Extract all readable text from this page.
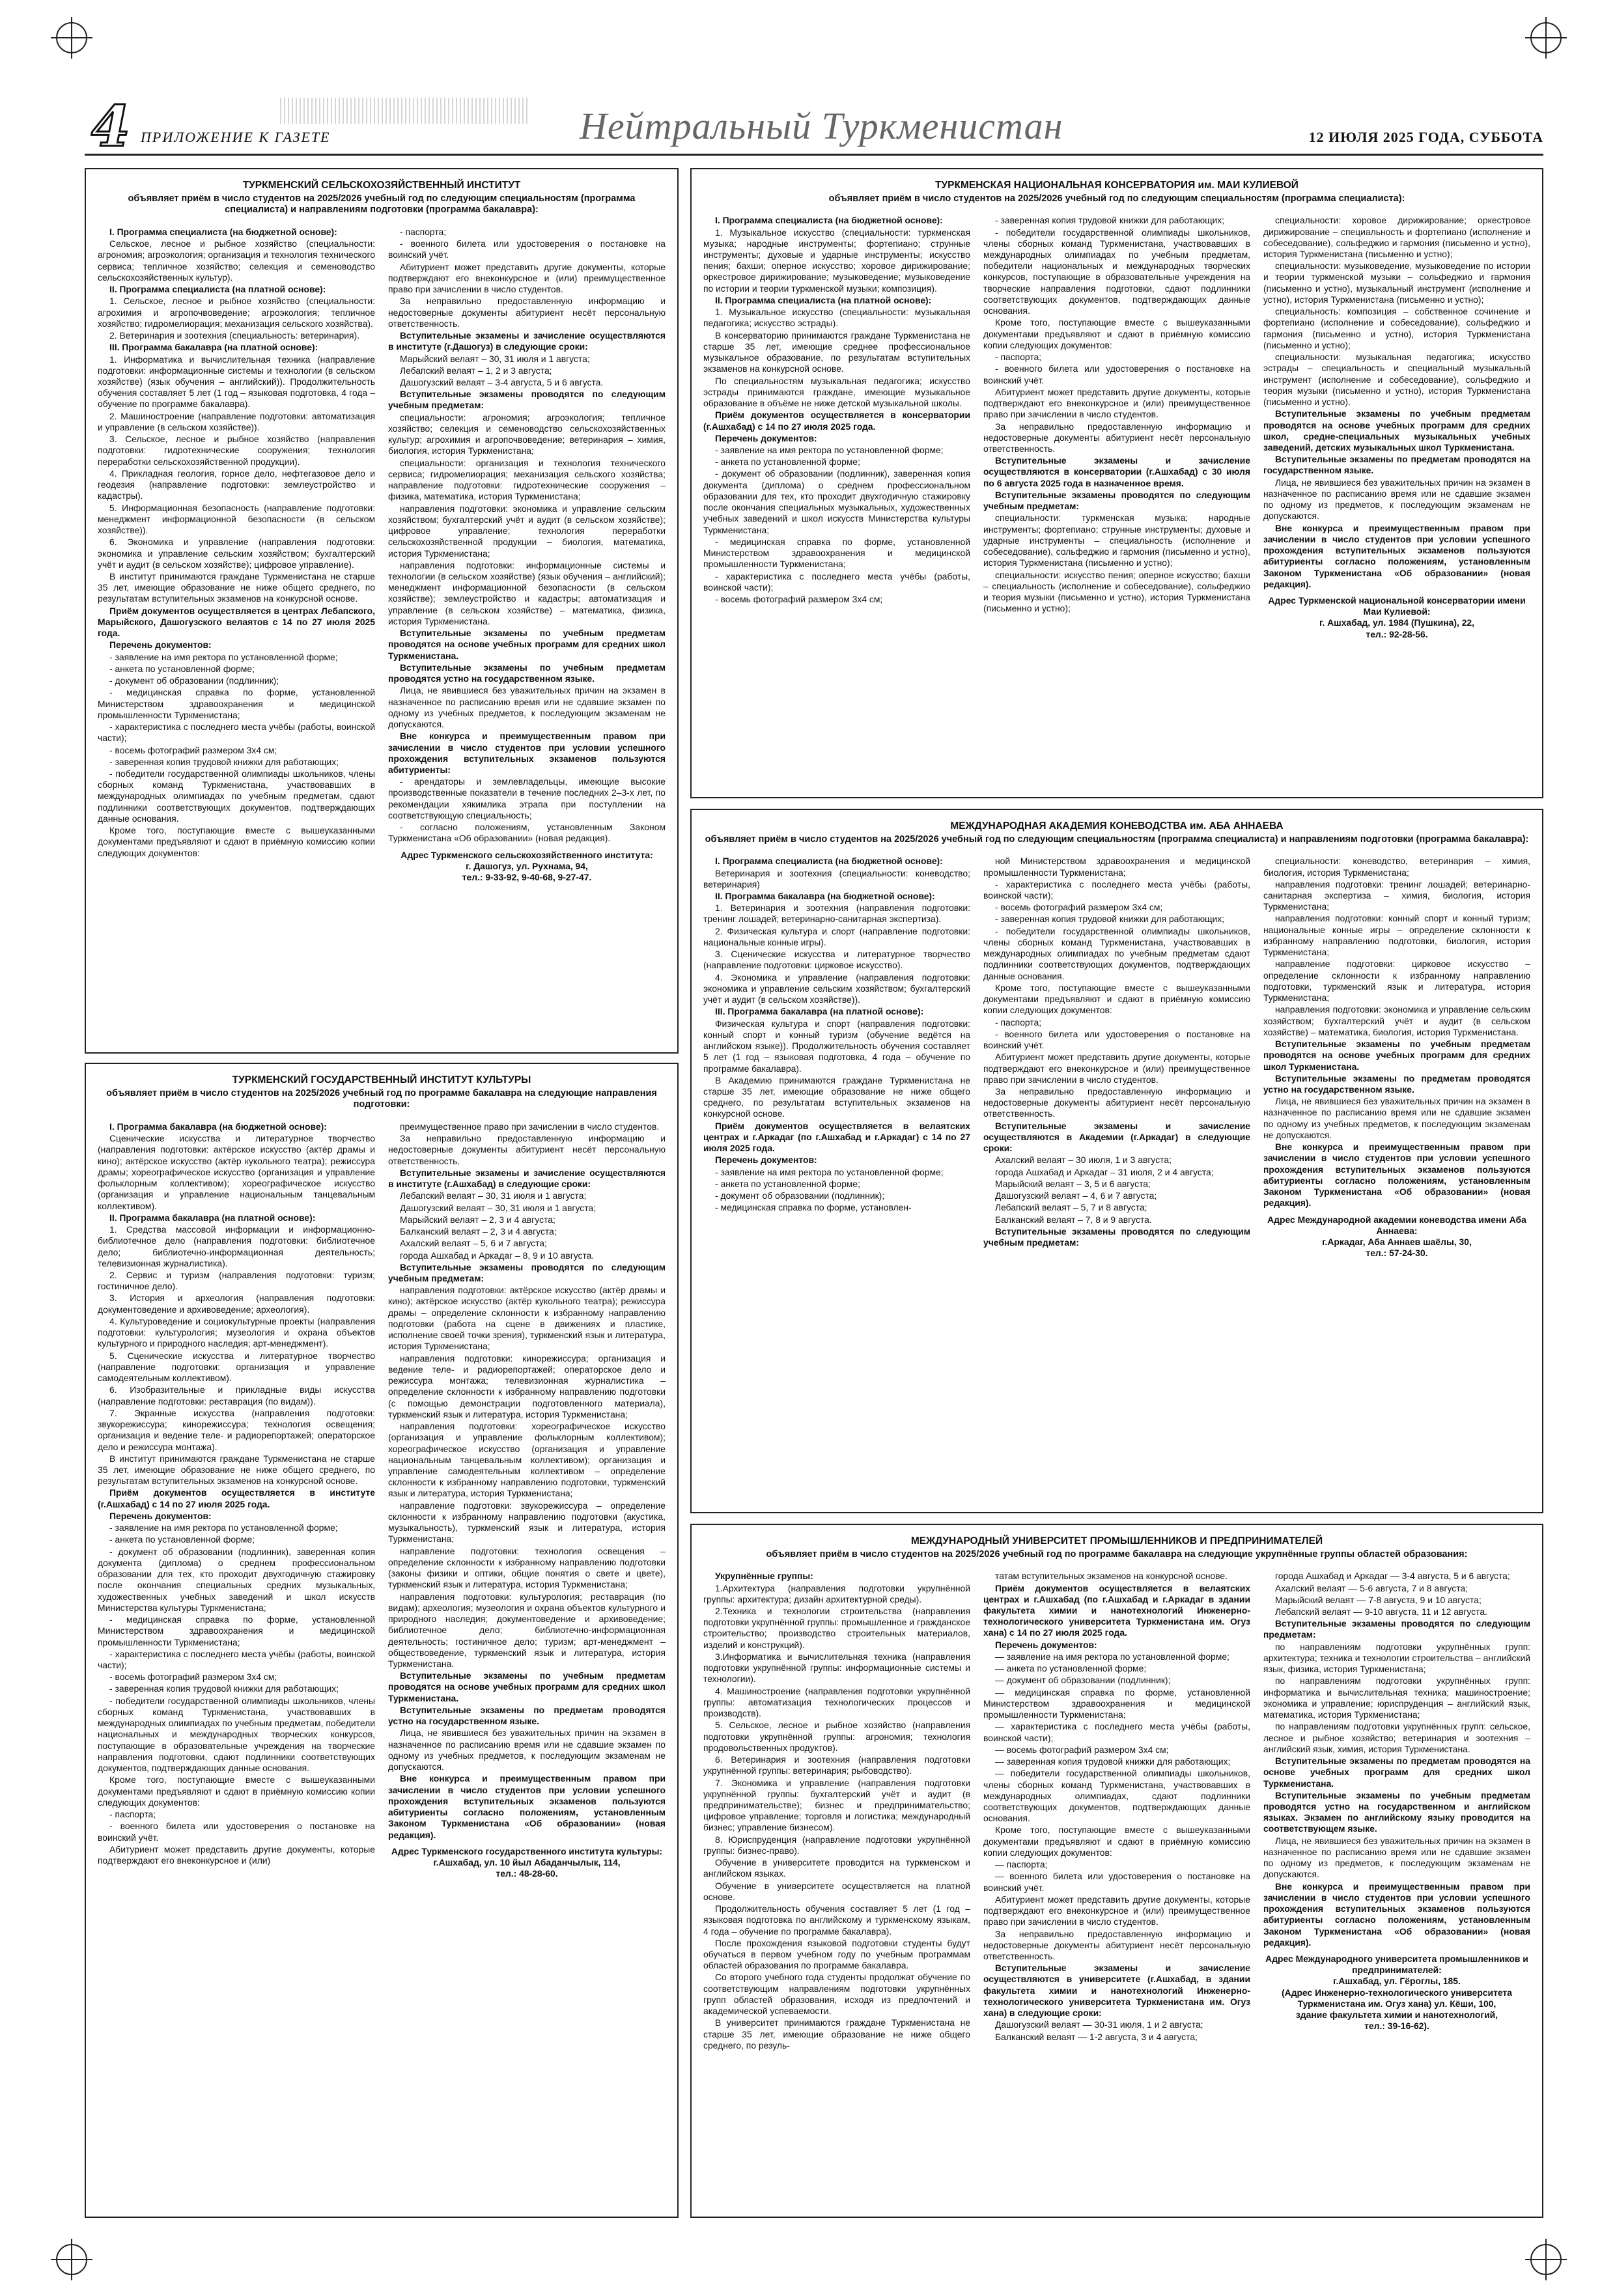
4 ПРИЛОЖЕНИЕ К ГАЗЕТЕ	Нейтральный Туркменистан	12 ИЮЛЯ 2025 ГОДА, СУББОТА
ТУРКМЕНСКИЙ СЕЛЬСКОХОЗЯЙСТВЕННЫЙ ИНСТИТУТ
объявляет приём в число студентов на 2025/2026 учебный год по следующим специальностям (программа специалиста) и направлениям подготовки (программа бакалавра):

I. Программа специалиста (на бюджетной основе):

Сельское, лесное и рыбное хозяйство (специальности: агрономия; агроэкология; организация и технология технического сервиса; тепличное хозяйство; селекция и семеноводство сельскохозяйственных культур).

II. Программа специалиста (на платной основе):

1. Сельское, лесное и рыбное хозяйство (специальности: агрохимия и агропочвоведение; агроэкология; тепличное хозяйство; гидромелиорация; механизация сельского хозяйства).

2. Ветеринария и зоотехния (специальность: ветеринария).

III. Программа бакалавра (на платной основе):

1. Информатика и вычислительная техника (направление подготовки: информационные системы и технологии (в сельском хозяйстве) (язык обучения – английский)). Продолжительность обучения составляет 5 лет (1 год – языковая подготовка, 4 года – обучение по программе бакалавра).

2. Машиностроение (направление подготовки: автоматизация и управление (в сельском хозяйстве)).

3. Сельское, лесное и рыбное хозяйство (направления подготовки: гидротехнические сооружения; технология переработки сельскохозяйственной продукции).

4. Прикладная геология, горное дело, нефтегазовое дело и геодезия (направление подготовки: землеустройство и кадастры).

5. Информационная безопасность (направление подготовки: менеджмент информационной безопасности (в сельском хозяйстве)).

6. Экономика и управление (направления подготовки: экономика и управление сельским хозяйством; бухгалтерский учёт и аудит (в сельском хозяйстве); цифровое управление).

В институт принимаются граждане Туркменистана не старше 35 лет, имеющие образование не ниже общего среднего, по результатам вступительных экзаменов на конкурсной основе.

Приём документов осуществляется в центрах Лебапского, Марыйского, Дашогузского велаятов с 14 по 27 июля 2025 года.

Перечень документов:

- заявление на имя ректора по установленной форме;

- анкета по установленной форме;

- документ об образовании (подлинник);

- медицинская справка по форме, установленной Министерством здравоохранения и медицинской промышленности Туркменистана;

- характеристика с последнего места учёбы (работы, воинской части);

- восемь фотографий размером 3х4 см;

- заверенная копия трудовой книжки для работающих;

- победители государственной олимпиады школьников, члены сборных команд Туркменистана, участвовавших в международных олимпиадах по учебным предметам, сдают подлинники соответствующих документов, подтверждающих данные основания.

Кроме того, поступающие вместе с вышеуказанными документами предъявляют и сдают в приёмную комиссию копии следующих документов:

- паспорта;

- военного билета или удостоверения о постановке на воинский учёт.

Абитуриент может представить другие документы, которые подтверждают его внеконкурсное и (или) преимущественное право при зачислении в число студентов.

За неправильно предоставленную информацию и недостоверные документы абитуриент несёт персональную ответственность.

Вступительные экзамены и зачисление осуществляются в институте (г.Дашогуз) в следующие сроки:

Марыйский велаят – 30, 31 июля и 1 августа;

Лебапский велаят – 1, 2 и 3 августа;

Дашогузский велаят – 3-4 августа, 5 и 6 августа.

Вступительные экзамены проводятся по следующим учебным предметам:

специальности: агрономия; агроэкология; тепличное хозяйство; селекция и семеноводство сельскохозяйственных культур; агрохимия и агропочвоведение; ветеринария – химия, биология, история Туркменистана;

специальности: организация и технология технического сервиса; гидромелиорация; механизация сельского хозяйства; направление подготовки: гидротехнические сооружения – физика, математика, история Туркменистана;

направления подготовки: экономика и управление сельским хозяйством; бухгалтерский учёт и аудит (в сельском хозяйстве); цифровое управление; технология переработки сельскохозяйственной продукции – биология, математика, история Туркменистана;

направления подготовки: информационные системы и технологии (в сельском хозяйстве) (язык обучения – английский); менеджмент информационной безопасности (в сельском хозяйстве); землеустройство и кадастры; автоматизация и управление (в сельском хозяйстве) – математика, физика, история Туркменистана.

Вступительные экзамены по учебным предметам проводятся на основе учебных программ для средних школ Туркменистана.

Вступительные экзамены по учебным предметам проводятся устно на государственном языке.

Лица, не явившиеся без уважительных причин на экзамен в назначенное по расписанию время или не сдавшие экзамен по одному из учебных предметов, к последующим экзаменам не допускаются.

Вне конкурса и преимущественным правом при зачислении в число студентов при условии успешного прохождения вступительных экзаменов пользуются абитуриенты:

- арендаторы и землевладельцы, имеющие высокие производственные показатели в течение последних 2–3-х лет, по рекомендации хякимлика этрапа при поступлении на соответствующую специальность;

- согласно положениям, установленным Законом Туркменистана «Об образовании» (новая редакция).

Адрес Туркменского сельскохозяйственного института:
г. Дашогуз, ул. Рухнама, 94,
тел.: 9-33-92, 9-40-68, 9-27-47.
ТУРКМЕНСКИЙ ГОСУДАРСТВЕННЫЙ ИНСТИТУТ КУЛЬТУРЫ
объявляет приём в число студентов на 2025/2026 учебный год по программе бакалавра на следующие направления подготовки:

I. Программа бакалавра (на бюджетной основе):

Сценические искусства и литературное творчество (направления подготовки: актёрское искусство (актёр драмы и кино); актёрское искусство (актёр кукольного театра); режиссура драмы; хореографическое искусство (организация и управление фольклорным коллективом); хореографическое искусство (организация и управление национальным танцевальным коллективом).

II. Программа бакалавра (на платной основе):

1. Средства массовой информации и информационно-библиотечное дело (направления подготовки: библиотечное дело; библиотечно-информационная деятельность; телевизионная журналистика).

2. Сервис и туризм (направления подготовки: туризм; гостиничное дело).

3. История и археология (направления подготовки: документоведение и архивоведение; археология).

4. Культуроведение и социокультурные проекты (направления подготовки: культурология; музеология и охрана объектов культурного и природного наследия; арт-менеджмент).

5. Сценические искусства и литературное творчество (направление подготовки: организация и управление самодеятельным коллективом).

6. Изобразительные и прикладные виды искусства (направление подготовки: реставрация (по видам)).

7. Экранные искусства (направления подготовки: звукорежиссура; кинорежиссура; технология освещения; организация и ведение теле- и радиорепортажей; операторское дело и режиссура монтажа).

В институт принимаются граждане Туркменистана не старше 35 лет, имеющие образование не ниже общего среднего, по результатам вступительных экзаменов на конкурсной основе.

Приём документов осуществляется в институте (г.Ашхабад) с 14 по 27 июля 2025 года.

Перечень документов:

- заявление на имя ректора по установленной форме;

- анкета по установленной форме;

- документ об образовании (подлинник), заверенная копия документа (диплома) о среднем профессиональном образовании для тех, кто проходит двухгодичную стажировку после окончания специальных средних музыкальных, художественных учебных заведений и школ искусств Министерства культуры Туркменистана;

- медицинская справка по форме, установленной Министерством здравоохранения и медицинской промышленности Туркменистана;

- характеристика с последнего места учёбы (работы, воинской части);

- восемь фотографий размером 3х4 см;

- заверенная копия трудовой книжки для работающих;

- победители государственной олимпиады школьников, члены сборных команд Туркменистана, участвовавших в международных олимпиадах по учебным предметам, победители национальных и международных творческих конкурсов, поступающие в образовательные учреждения на творческие направления подготовки, сдают подлинники соответствующих документов, подтверждающих данные основания.

Кроме того, поступающие вместе с вышеуказанными документами предъявляют и сдают в приёмную комиссию копии следующих документов:

- паспорта;

- военного билета или удостоверения о постановке на воинский учёт.

Абитуриент может представить другие документы, которые подтверждают его внеконкурсное и (или)

преимущественное право при зачислении в число студентов.

За неправильно предоставленную информацию и недостоверные документы абитуриент несёт персональную ответственность.

Вступительные экзамены и зачисление осуществляются в институте (г.Ашхабад) в следующие сроки:

Лебапский велаят – 30, 31 июля и 1 августа;

Дашогузский велаят – 30, 31 июля и 1 августа;

Марыйский велаят – 2, 3 и 4 августа;

Балканский велаят – 2, 3 и 4 августа;

Ахалский велаят – 5, 6 и 7 августа;

города Ашхабад и Аркадаг – 8, 9 и 10 августа.

Вступительные экзамены проводятся по следующим учебным предметам:

направления подготовки: актёрское искусство (актёр драмы и кино); актёрское искусство (актёр кукольного театра); режиссура драмы – определение склонности к избранному направлению подготовки (работа на сцене в движениях и пластике, исполнение своей точки зрения), туркменский язык и литература, история Туркменистана;

направления подготовки: кинорежиссура; организация и ведение теле- и радиорепортажей; операторское дело и режиссура монтажа; телевизионная журналистика – определение склонности к избранному направлению подготовки (с помощью демонстрации подготовленного материала), туркменский язык и литература, история Туркменистана;

направления подготовки: хореографическое искусство (организация и управление фольклорным коллективом); хореографическое искусство (организация и управление национальным танцевальным коллективом); организация и управление самодеятельным коллективом – определение склонности к избранному направлению подготовки, туркменский язык и литература, история Туркменистана;

направление подготовки: звукорежиссура – определение склонности к избранному направлению подготовки (акустика, музыкальность), туркменский язык и литература, история Туркменистана;

направление подготовки: технология освещения – определение склонности к избранному направлению подготовки (законы физики и оптики, общие понятия о свете и цвете), туркменский язык и литература, история Туркменистана;

направления подготовки: культурология; реставрация (по видам); археология; музеология и охрана объектов культурного и природного наследия; документоведение и архивоведение; библиотечное дело; библиотечно-информационная деятельность; гостиничное дело; туризм; арт-менеджмент – обществоведение, туркменский язык и литература, история Туркменистана.

Вступительные экзамены по учебным предметам проводятся на основе учебных программ для средних школ Туркменистана.

Вступительные экзамены по предметам проводятся устно на государственном языке.

Лица, не явившиеся без уважительных причин на экзамен в назначенное по расписанию время или не сдавшие экзамен по одному из учебных предметов, к последующим экзаменам не допускаются.

Вне конкурса и преимущественным правом при зачислении в число студентов при условии успешного прохождения вступительных экзаменов пользуются абитуриенты согласно положениям, установленным Законом Туркменистана «Об образовании» (новая редакция).

Адрес Туркменского государственного института культуры:
г.Ашхабад, ул. 10 йыл Абаданчылык, 114,
тел.: 48-28-60.
ТУРКМЕНСКАЯ НАЦИОНАЛЬНАЯ КОНСЕРВАТОРИЯ им. МАИ КУЛИЕВОЙ
объявляет приём в число студентов на 2025/2026 учебный год по следующим специальностям (программа специалиста):

I. Программа специалиста (на бюджетной основе):

1. Музыкальное искусство (специальности: туркменская музыка; народные инструменты; фортепиано; струнные инструменты; духовые и ударные инструменты; искусство пения; бахши; оперное искусство; хоровое дирижирование; оркестровое дирижирование; музыковедение; музыковедение по истории и теории туркменской музыки; композиция).

II. Программа специалиста (на платной основе):

1. Музыкальное искусство (специальности: музыкальная педагогика; искусство эстрады).

В консерваторию принимаются граждане Туркменистана не старше 35 лет, имеющие среднее профессиональное музыкальное образование, по результатам вступительных экзаменов на конкурсной основе.

По специальностям музыкальная педагогика; искусство эстрады принимаются граждане, имеющие музыкальное образование в объёме не ниже детской музыкальной школы.

Приём документов осуществляется в консерватории (г.Ашхабад) с 14 по 27 июля 2025 года.

Перечень документов:

- заявление на имя ректора по установленной форме;

- анкета по установленной форме;

- документ об образовании (подлинник), заверенная копия документа (диплома) о среднем профессиональном образовании для тех, кто проходит двухгодичную стажировку после окончания специальных музыкальных, художественных учебных заведений и школ искусств Министерства культуры Туркменистана;

- медицинская справка по форме, установленной Министерством здравоохранения и медицинской промышленности Туркменистана;

- характеристика с последнего места учёбы (работы, воинской части);

- восемь фотографий размером 3х4 см;

- заверенная копия трудовой книжки для работающих;

- победители государственной олимпиады школьников, члены сборных команд Туркменистана, участвовавших в международных олимпиадах по учебным предметам, победители национальных и международных творческих конкурсов, поступающие в образовательные учреждения на творческие направления подготовки, сдают подлинники соответствующих документов, подтверждающих данные основания.

Кроме того, поступающие вместе с вышеуказанными документами предъявляют и сдают в приёмную комиссию копии следующих документов:

- паспорта;

- военного билета или удостоверения о постановке на воинский учёт.

Абитуриент может представить другие документы, которые подтверждают его внеконкурсное и (или) преимущественное право при зачислении в число студентов.

За неправильно предоставленную информацию и недостоверные документы абитуриент несёт персональную ответственность.

Вступительные экзамены и зачисление осуществляются в консерватории (г.Ашхабад) с 30 июля по 6 августа 2025 года в назначенное время.

Вступительные экзамены проводятся по следующим учебным предметам:

специальности: туркменская музыка; народные инструменты; фортепиано; струнные инструменты; духовые и ударные инструменты – специальность (исполнение и собеседование), сольфеджио и гармония (письменно и устно), история Туркменистана (письменно и устно);

специальности: искусство пения; оперное искусство; бахши – специальность (исполнение и собеседование), сольфеджио и теория музыки (письменно и устно), история Туркменистана (письменно и устно);

специальности: хоровое дирижирование; оркестровое дирижирование – специальность и фортепиано (исполнение и собеседование), сольфеджио и гармония (письменно и устно), история Туркменистана (письменно и устно);

специальности: музыковедение, музыковедение по истории и теории туркменской музыки – сольфеджио и гармония (письменно и устно), музыкальный инструмент (исполнение и устно), история Туркменистана (письменно и устно);

специальность: композиция – собственное сочинение и фортепиано (исполнение и собеседование), сольфеджио и гармония (письменно и устно), история Туркменистана (письменно и устно);

специальности: музыкальная педагогика; искусство эстрады – специальность и специальный музыкальный инструмент (исполнение и собеседование), сольфеджио и теория музыки (письменно и устно), история Туркменистана (письменно и устно).

Вступительные экзамены по учебным предметам проводятся на основе учебных программ для средних школ, средне-специальных музыкальных учебных заведений, детских музыкальных школ Туркменистана.

Вступительные экзамены по предметам проводятся на государственном языке.

Лица, не явившиеся без уважительных причин на экзамен в назначенное по расписанию время или не сдавшие экзамен по одному из предметов, к последующим экзаменам не допускаются.

Вне конкурса и преимущественным правом при зачислении в число студентов при условии успешного прохождения вступительных экзаменов пользуются абитуриенты согласно положениям, установленным Законом Туркменистана «Об образовании» (новая редакция).

Адрес Туркменской национальной консерватории имени Маи Кулиевой:
г. Ашхабад, ул. 1984 (Пушкина), 22,
тел.: 92-28-56.
МЕЖДУНАРОДНАЯ АКАДЕМИЯ КОНЕВОДСТВА им. АБА АННАЕВА
объявляет приём в число студентов на 2025/2026 учебный год по следующим специальностям (программа специалиста) и направлениям подготовки (программа бакалавра):

I. Программа специалиста (на бюджетной основе):

Ветеринария и зоотехния (специальности: коневодство; ветеринария)

II. Программа бакалавра (на бюджетной основе):

1. Ветеринария и зоотехния (направления подготовки: тренинг лошадей; ветеринарно-санитарная экспертиза).

2. Физическая культура и спорт (направление подготовки: национальные конные игры).

3. Сценические искусства и литературное творчество (направление подготовки: цирковое искусство).

4. Экономика и управление (направления подготовки: экономика и управление сельским хозяйством; бухгалтерский учёт и аудит (в сельском хозяйстве)).

III. Программа бакалавра (на платной основе):

Физическая культура и спорт (направления подготовки: конный спорт и конный туризм (обучение ведётся на английском языке)). Продолжительность обучения составляет 5 лет (1 год – языковая подготовка, 4 года – обучение по программе бакалавра).

В Академию принимаются граждане Туркменистана не старше 35 лет, имеющие образование не ниже общего среднего, по результатам вступительных экзаменов на конкурсной основе.

Приём документов осуществляется в велаятских центрах и г.Аркадаг (по г.Ашхабад и г.Аркадаг) с 14 по 27 июля 2025 года.

Перечень документов:

- заявление на имя ректора по установленной форме;

- анкета по установленной форме;

- документ об образовании (подлинник);

- медицинская справка по форме, установлен-

ной Министерством здравоохранения и медицинской промышленности Туркменистана;

- характеристика с последнего места учёбы (работы, воинской части);

- восемь фотографий размером 3х4 см;

- заверенная копия трудовой книжки для работающих;

- победители государственной олимпиады школьников, члены сборных команд Туркменистана, участвовавших в международных олимпиадах по учебным предметам сдают подлинники соответствующих документов, подтверждающих данные основания.

Кроме того, поступающие вместе с вышеуказанными документами предъявляют и сдают в приёмную комиссию копии следующих документов:

- паспорта;

- военного билета или удостоверения о постановке на воинский учёт.

Абитуриент может представить другие документы, которые подтверждают его внеконкурсное и (или) преимущественное право при зачислении в число студентов.

За неправильно предоставленную информацию и недостоверные документы абитуриент несёт персональную ответственность.

Вступительные экзамены и зачисление осуществляются в Академии (г.Аркадаг) в следующие сроки:

Ахалский велаят – 30 июля, 1 и 3 августа;

города Ашхабад и Аркадаг – 31 июля, 2 и 4 августа;

Марыйский велаят – 3, 5 и 6 августа;

Дашогузский велаят – 4, 6 и 7 августа;

Лебапский велаят – 5, 7 и 8 августа;

Балканский велаят – 7, 8 и 9 августа.

Вступительные экзамены проводятся по следующим учебным предметам:

специальности: коневодство, ветеринария – химия, биология, история Туркменистана;

направления подготовки: тренинг лошадей; ветеринарно-санитарная экспертиза – химия, биология, история Туркменистана;

направления подготовки: конный спорт и конный туризм; национальные конные игры – определение склонности к избранному направлению подготовки, биология, история Туркменистана;

направление подготовки: цирковое искусство – определение склонности к избранному направлению подготовки, туркменский язык и литература, история Туркменистана;

направления подготовки: экономика и управление сельским хозяйством; бухгалтерский учёт и аудит (в сельском хозяйстве) – математика, биология, история Туркменистана.

Вступительные экзамены по учебным предметам проводятся на основе учебных программ для средних школ Туркменистана.

Вступительные экзамены по предметам проводятся устно на государственном языке.

Лица, не явившиеся без уважительных причин на экзамен в назначенное по расписанию время или не сдавшие экзамен по одному из учебных предметов, к последующим экзаменам не допускаются.

Вне конкурса и преимущественным правом при зачислении в число студентов при условии успешного прохождения вступительных экзаменов пользуются абитуриенты согласно положениям, установленным Законом Туркменистана «Об образовании» (новая редакция).

Адрес Международной академии коневодства имени Аба Аннаева:
г.Аркадаг, Аба Аннаев шаёлы, 30,
тел.: 57-24-30.
МЕЖДУНАРОДНЫЙ УНИВЕРСИТЕТ ПРОМЫШЛЕННИКОВ И ПРЕДПРИНИМАТЕЛЕЙ
объявляет приём в число студентов на 2025/2026 учебный год по программе бакалавра на следующие укрупнённые группы областей образования:

Укрупнённые группы:

1.Архитектура (направления подготовки укрупнённой группы: архитектура; дизайн архитектурной среды).

2.Техника и технологии строительства (направления подготовки укрупнённой группы: промышленное и гражданское строительство; производство строительных материалов, изделий и конструкций).

3.Информатика и вычислительная техника (направления подготовки укрупнённой группы: информационные системы и технологии).

4. Машиностроение (направления подготовки укрупнённой группы: автоматизация технологических процессов и производств).

5. Сельское, лесное и рыбное хозяйство (направления подготовки укрупнённой группы: агрономия; технология продовольственных продуктов).

6. Ветеринария и зоотехния (направления подготовки укрупнённой группы: ветеринария; рыбоводство).

7. Экономика и управление (направления подготовки укрупнённой группы: бухгалтерский учёт и аудит (в предпринимательстве); бизнес и предпринимательство; цифровое управление; торговля и логистика; международный бизнес; управление бизнесом).

8. Юриспруденция (направление подготовки укрупнённой группы: бизнес-право).

Обучение в университете проводится на туркменском и английском языках.

Обучение в университете осуществляется на платной основе.

Продолжительность обучения составляет 5 лет (1 год – языковая подготовка по английскому и туркменскому языкам, 4 года – обучение по программе бакалавра).

После прохождения языковой подготовки студенты будут обучаться в первом учебном году по учебным программам областей образования по программе бакалавра.

Со второго учебного года студенты продолжат обучение по соответствующим направлениям подготовки укрупнённых групп областей образования, исходя из предпочтений и академической успеваемости.

В университет принимаются граждане Туркменистана не старше 35 лет, имеющие образование не ниже общего среднего, по резуль-

татам вступительных экзаменов на конкурсной основе.

Приём документов осуществляется в велаятских центрах и г.Ашхабад (по г.Ашхабад и г.Аркадаг в здании факультета химии и нанотехнологий Инженерно-технологического университета Туркменистана им. Огуз хана) с 14 по 27 июля 2025 года.

Перечень документов:

— заявление на имя ректора по установленной форме;

— анкета по установленной форме;

— документ об образовании (подлинник);

— медицинская справка по форме, установленной Министерством здравоохранения и медицинской промышленности Туркменистана;

— характеристика с последнего места учёбы (работы, воинской части);

— восемь фотографий размером 3х4 см;

— заверенная копия трудовой книжки для работающих;

— победители государственной олимпиады школьников, члены сборных команд Туркменистана, участвовавших в международных олимпиадах, сдают подлинники соответствующих документов, подтверждающих данные основания.

Кроме того, поступающие вместе с вышеуказанными документами предъявляют и сдают в приёмную комиссию копии следующих документов:

— паспорта;

— военного билета или удостоверения о постановке на воинский учёт.

Абитуриент может представить другие документы, которые подтверждают его внеконкурсное и (или) преимущественное право при зачислении в число студентов.

За неправильно предоставленную информацию и недостоверные документы абитуриент несёт персональную ответственность.

Вступительные экзамены и зачисление осуществляются в университете (г.Ашхабад, в здании факультета химии и нанотехнологий Инженерно-технологического университета Туркменистана им. Огуз хана) в следующие сроки:

Дашогузский велаят — 30-31 июля, 1 и 2 августа;

Балканский велаят — 1-2 августа, 3 и 4 августа;

города Ашхабад и Аркадаг — 3-4 августа, 5 и 6 августа;

Ахалский велаят — 5-6 августа, 7 и 8 августа;

Марыйский велаят — 7-8 августа, 9 и 10 августа;

Лебапский велаят — 9-10 августа, 11 и 12 августа.

Вступительные экзамены проводятся по следующим предметам:

по направлениям подготовки укрупнённых групп: архитектура; техника и технологии строительства – английский язык, физика, история Туркменистана;

по направлениям подготовки укрупнённых групп: информатика и вычислительная техника; машиностроение; экономика и управление; юриспруденция – английский язык, математика, история Туркменистана;

по направлениям подготовки укрупнённых групп: сельское, лесное и рыбное хозяйство; ветеринария и зоотехния – английский язык, химия, история Туркменистана.

Вступительные экзамены по предметам проводятся на основе учебных программ для средних школ Туркменистана.

Вступительные экзамены по учебным предметам проводятся устно на государственном и английском языках. Экзамен по английскому языку проводится на соответствующем языке.

Лица, не явившиеся без уважительных причин на экзамен в назначенное по расписанию время или не сдавшие экзамен по одному из предметов, к последующим экзаменам не допускаются.

Вне конкурса и преимущественным правом при зачислении в число студентов при условии успешного прохождения вступительных экзаменов пользуются абитуриенты согласно положениям, установленным Законом Туркменистана «Об образовании» (новая редакция).

Адрес Международного университета промышленников и предпринимателей:
г.Ашхабад, ул. Гёроглы, 185.
(Адрес Инженерно-технологического университета Туркменистана им. Огуз хана) ул. Кёши, 100,
здание факультета химии и нанотехнологий,
тел.: 39-16-62).
